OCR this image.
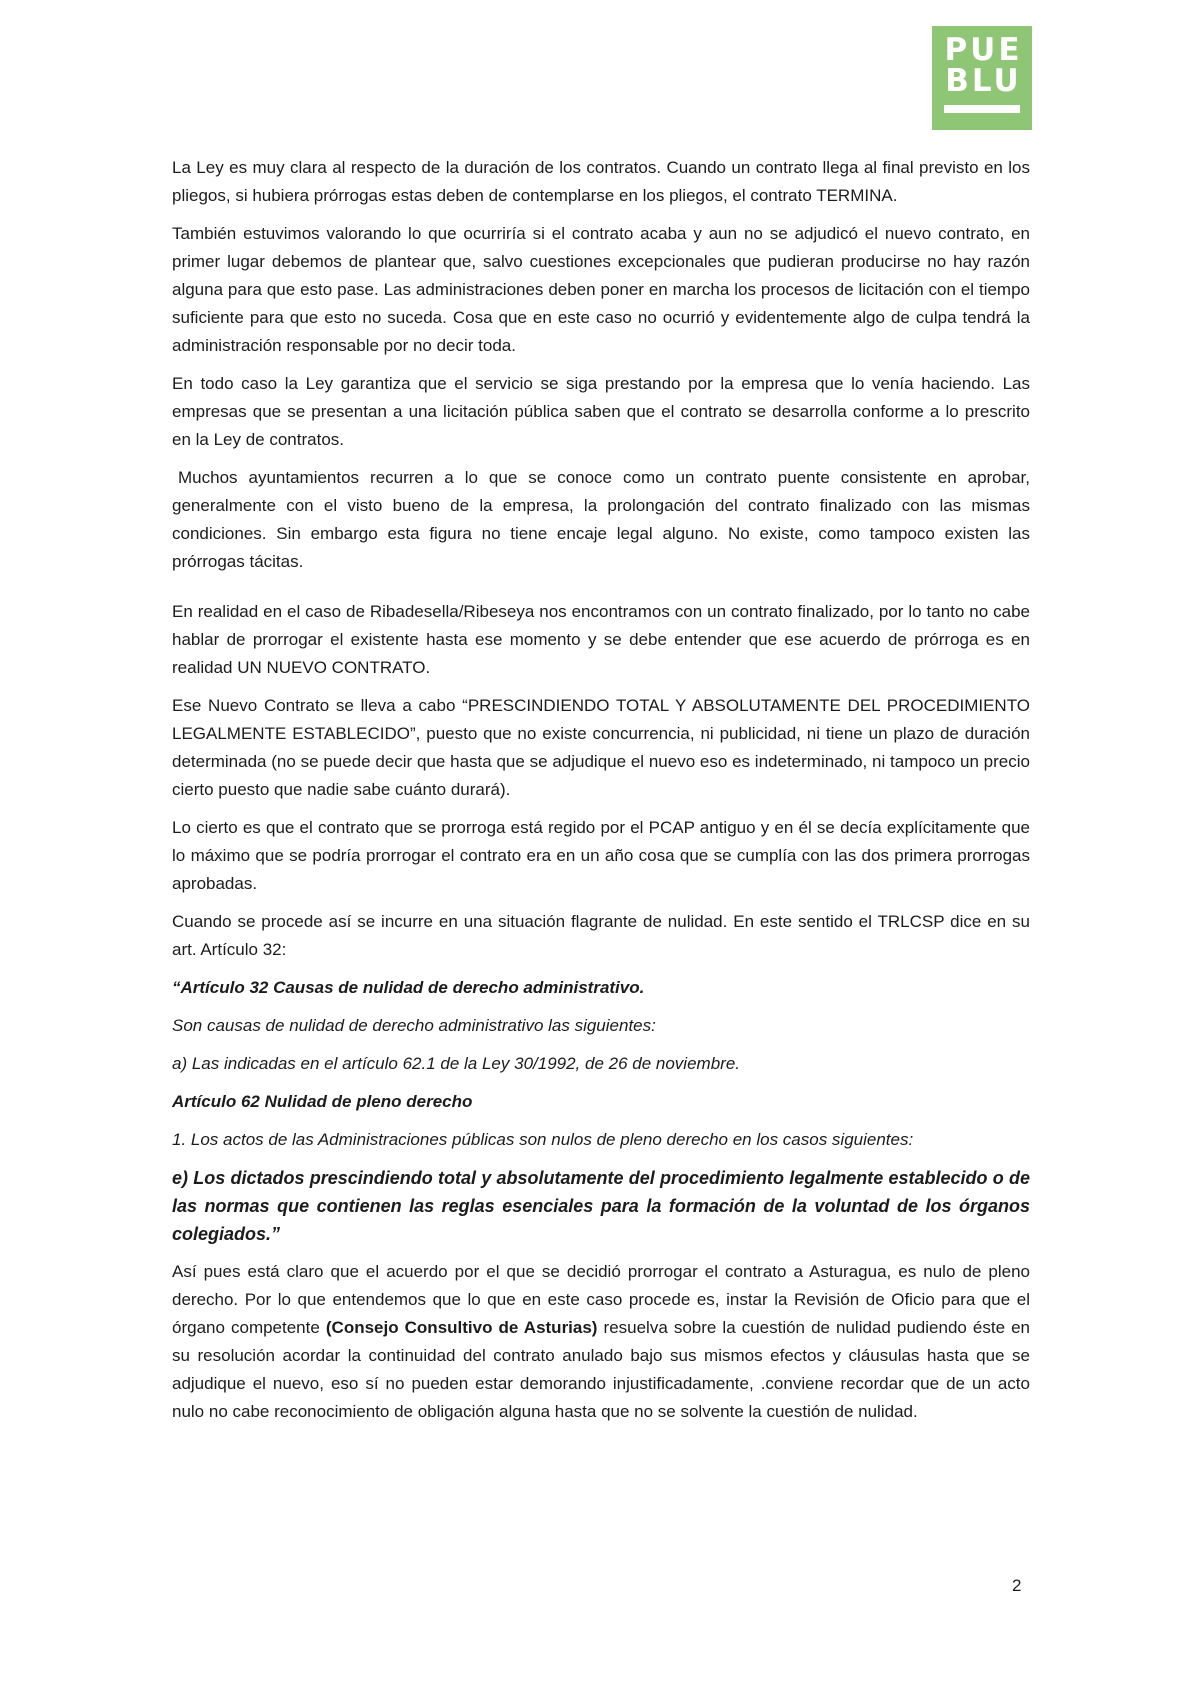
PUE
BLU

La Ley es muy clara al respecto de la duración de los contratos. Cuando un contrato llega al final previsto en los pliegos, si hubiera prórrogas estas deben de contemplarse en los pliegos, el contrato TERMINA.

También estuvimos valorando lo que ocurriría si el contrato acaba y aun no se adjudicó el nuevo contrato, en primer lugar debemos de plantear que, salvo cuestiones excepcionales que pudieran producirse no hay razón alguna para que esto pase. Las administraciones deben poner en marcha los procesos de licitación con el tiempo suficiente para que esto no suceda. Cosa que en este caso no ocurrió y evidentemente algo de culpa tendrá la administración responsable por no decir toda.

En todo caso la Ley garantiza que el servicio se siga prestando por la empresa que lo venía haciendo. Las empresas que se presentan a una licitación pública saben que el contrato se desarrolla conforme a lo prescrito en la Ley de contratos.

Muchos ayuntamientos recurren a lo que se conoce como un contrato puente consistente en aprobar, generalmente con el visto bueno de la empresa, la prolongación del contrato finalizado con las mismas condiciones. Sin embargo esta figura no tiene encaje legal alguno. No existe, como tampoco existen las prórrogas tácitas.

En realidad en el caso de Ribadesella/Ribeseya nos encontramos con un contrato finalizado, por lo tanto no cabe hablar de prorrogar el existente hasta ese momento y se debe entender que ese acuerdo de prórroga es en realidad UN NUEVO CONTRATO.

Ese Nuevo Contrato se lleva a cabo “PRESCINDIENDO TOTAL Y ABSOLUTAMENTE DEL PROCEDIMIENTO LEGALMENTE ESTABLECIDO”, puesto que no existe concurrencia, ni publicidad, ni tiene un plazo de duración determinada (no se puede decir que hasta que se adjudique el nuevo eso es indeterminado, ni tampoco un precio cierto puesto que nadie sabe cuánto durará).

Lo cierto es que el contrato que se prorroga está regido por el PCAP antiguo y en él se decía explícitamente que lo máximo que se podría prorrogar el contrato era en un año cosa que se cumplía con las dos primera prorrogas aprobadas.

Cuando se procede así se incurre en una situación flagrante de nulidad. En este sentido el TRLCSP dice en su art. Artículo 32:

“Artículo 32 Causas de nulidad de derecho administrativo.

Son causas de nulidad de derecho administrativo las siguientes:

a) Las indicadas en el artículo 62.1 de la Ley 30/1992, de 26 de noviembre.

Artículo 62 Nulidad de pleno derecho

1. Los actos de las Administraciones públicas son nulos de pleno derecho en los casos siguientes:

e) Los dictados prescindiendo total y absolutamente del procedimiento legalmente establecido o de las normas que contienen las reglas esenciales para la formación de la voluntad de los órganos colegiados.”

Así pues está claro que el acuerdo por el que se decidió prorrogar el contrato a Asturagua, es nulo de pleno derecho. Por lo que entendemos que lo que en este caso procede es, instar la Revisión de Oficio para que el órgano competente (Consejo Consultivo de Asturias) resuelva sobre la cuestión de nulidad pudiendo éste en su resolución acordar la continuidad del contrato anulado bajo sus mismos efectos y cláusulas hasta que se adjudique el nuevo, eso sí no pueden estar demorando injustificadamente, .conviene recordar que de un acto nulo no cabe reconocimiento de obligación alguna hasta que no se solvente la cuestión de nulidad.

2
